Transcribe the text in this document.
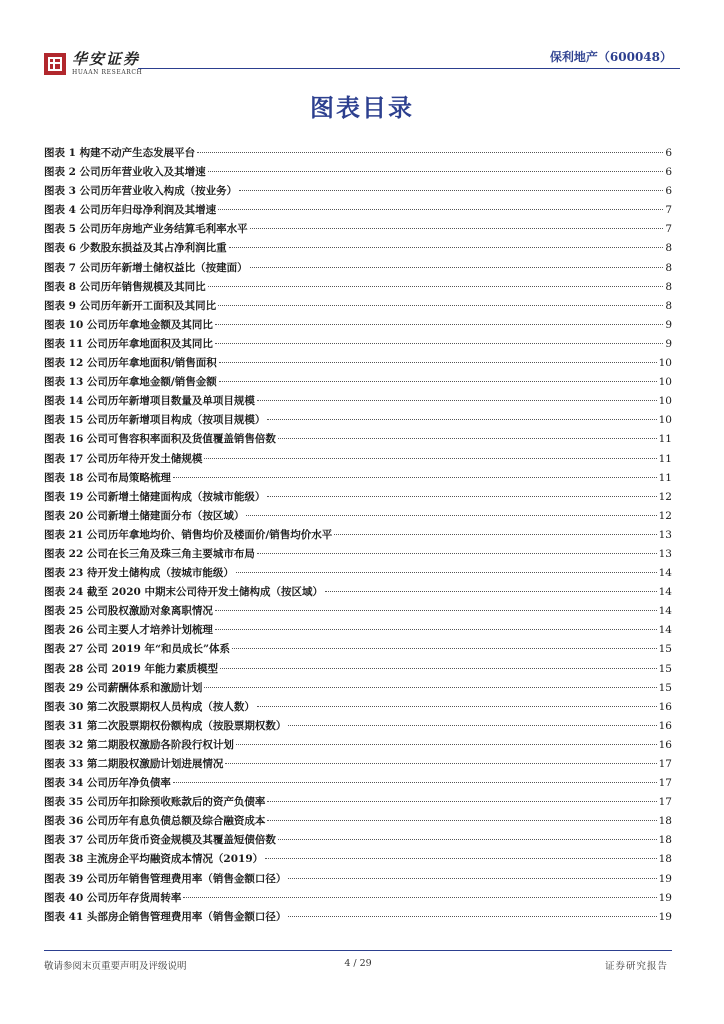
华安证券
HUAAN RESEARCH
保利地产（600048）
图表目录
图表 1 构建不动产生态发展平台	6
图表 2 公司历年营业收入及其增速	6
图表 3 公司历年营业收入构成（按业务）	6
图表 4 公司历年归母净利润及其增速	7
图表 5 公司历年房地产业务结算毛利率水平	7
图表 6 少数股东损益及其占净利润比重	8
图表 7 公司历年新增土储权益比（按建面）	8
图表 8 公司历年销售规模及其同比	8
图表 9 公司历年新开工面积及其同比	8
图表 10 公司历年拿地金额及其同比	9
图表 11 公司历年拿地面积及其同比	9
图表 12 公司历年拿地面积/销售面积	10
图表 13 公司历年拿地金额/销售金额	10
图表 14 公司历年新增项目数量及单项目规模	10
图表 15 公司历年新增项目构成（按项目规模）	10
图表 16 公司可售容积率面积及货值覆盖销售倍数	11
图表 17 公司历年待开发土储规模	11
图表 18 公司布局策略梳理	11
图表 19 公司新增土储建面构成（按城市能级）	12
图表 20 公司新增土储建面分布（按区域）	12
图表 21 公司历年拿地均价、销售均价及楼面价/销售均价水平	13
图表 22 公司在长三角及珠三角主要城市布局	13
图表 23 待开发土储构成（按城市能级）	14
图表 24 截至 2020 中期末公司待开发土储构成（按区域）	14
图表 25 公司股权激励对象离职情况	14
图表 26 公司主要人才培养计划梳理	14
图表 27 公司 2019 年“和员成长”体系	15
图表 28 公司 2019 年能力素质模型	15
图表 29 公司薪酬体系和激励计划	15
图表 30 第二次股票期权人员构成（按人数）	16
图表 31 第二次股票期权份额构成（按股票期权数）	16
图表 32 第二期股权激励各阶段行权计划	16
图表 33 第二期股权激励计划进展情况	17
图表 34 公司历年净负债率	17
图表 35 公司历年扣除预收账款后的资产负债率	17
图表 36 公司历年有息负债总额及综合融资成本	18
图表 37 公司历年货币资金规模及其覆盖短债倍数	18
图表 38 主流房企平均融资成本情况（2019）	18
图表 39 公司历年销售管理费用率（销售金额口径）	19
图表 40 公司历年存货周转率	19
图表 41 头部房企销售管理费用率（销售金额口径）	19
敬请参阅末页重要声明及评级说明	4 / 29	证券研究报告
